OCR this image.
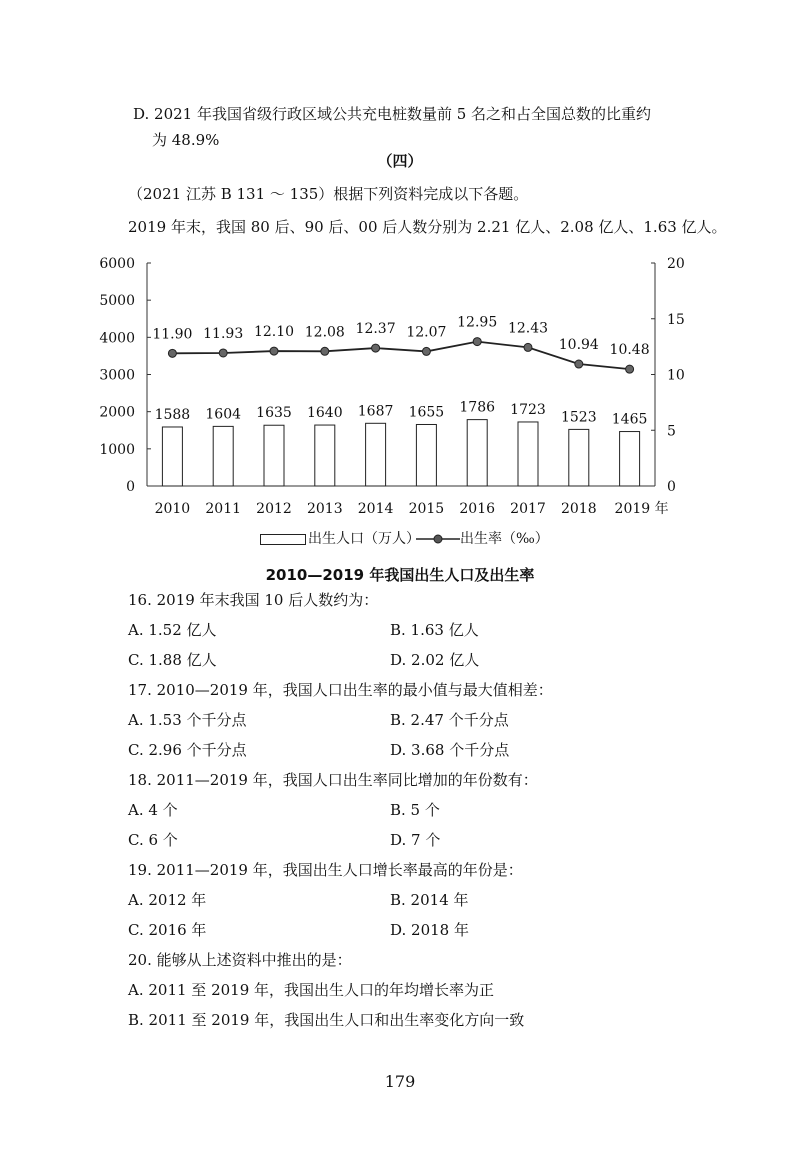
D. 2021 年我国省级行政区域公共充电桩数量前 5 名之和占全国总数的比重约
为 48.9%
（四）
（2021 江苏 B 131 ～ 135）根据下列资料完成以下各题。
2019 年末，我国 80 后、90 后、00 后人数分别为 2.21 亿人、2.08 亿人、1.63 亿人。
0
1000
2000
3000
4000
5000
6000
0
5
10
15
20
1588 1604 1635 1640 1687 1655 1786 1723 1523 1465
11.90 11.93 12.10 12.08 12.37 12.07
12.95 12.43
10.94 10.48
2010 2011 2012 2013 2014 2015 2016 2017 2018 2019 年
出生人口（万人）	出生率（‰）
2010—2019 年我国出生人口及出生率
16. 2019 年末我国 10 后人数约为：
A. 1.52 亿人	B. 1.63 亿人
C. 1.88 亿人	D. 2.02 亿人
17. 2010—2019 年，我国人口出生率的最小值与最大值相差：
A. 1.53 个千分点	B. 2.47 个千分点
C. 2.96 个千分点	D. 3.68 个千分点
18. 2011—2019 年，我国人口出生率同比增加的年份数有：
A. 4 个	B. 5 个
C. 6 个	D. 7 个
19. 2011—2019 年，我国出生人口增长率最高的年份是：
A. 2012 年	B. 2014 年
C. 2016 年	D. 2018 年
20. 能够从上述资料中推出的是：
A. 2011 至 2019 年，我国出生人口的年均增长率为正
B. 2011 至 2019 年，我国出生人口和出生率变化方向一致
179
